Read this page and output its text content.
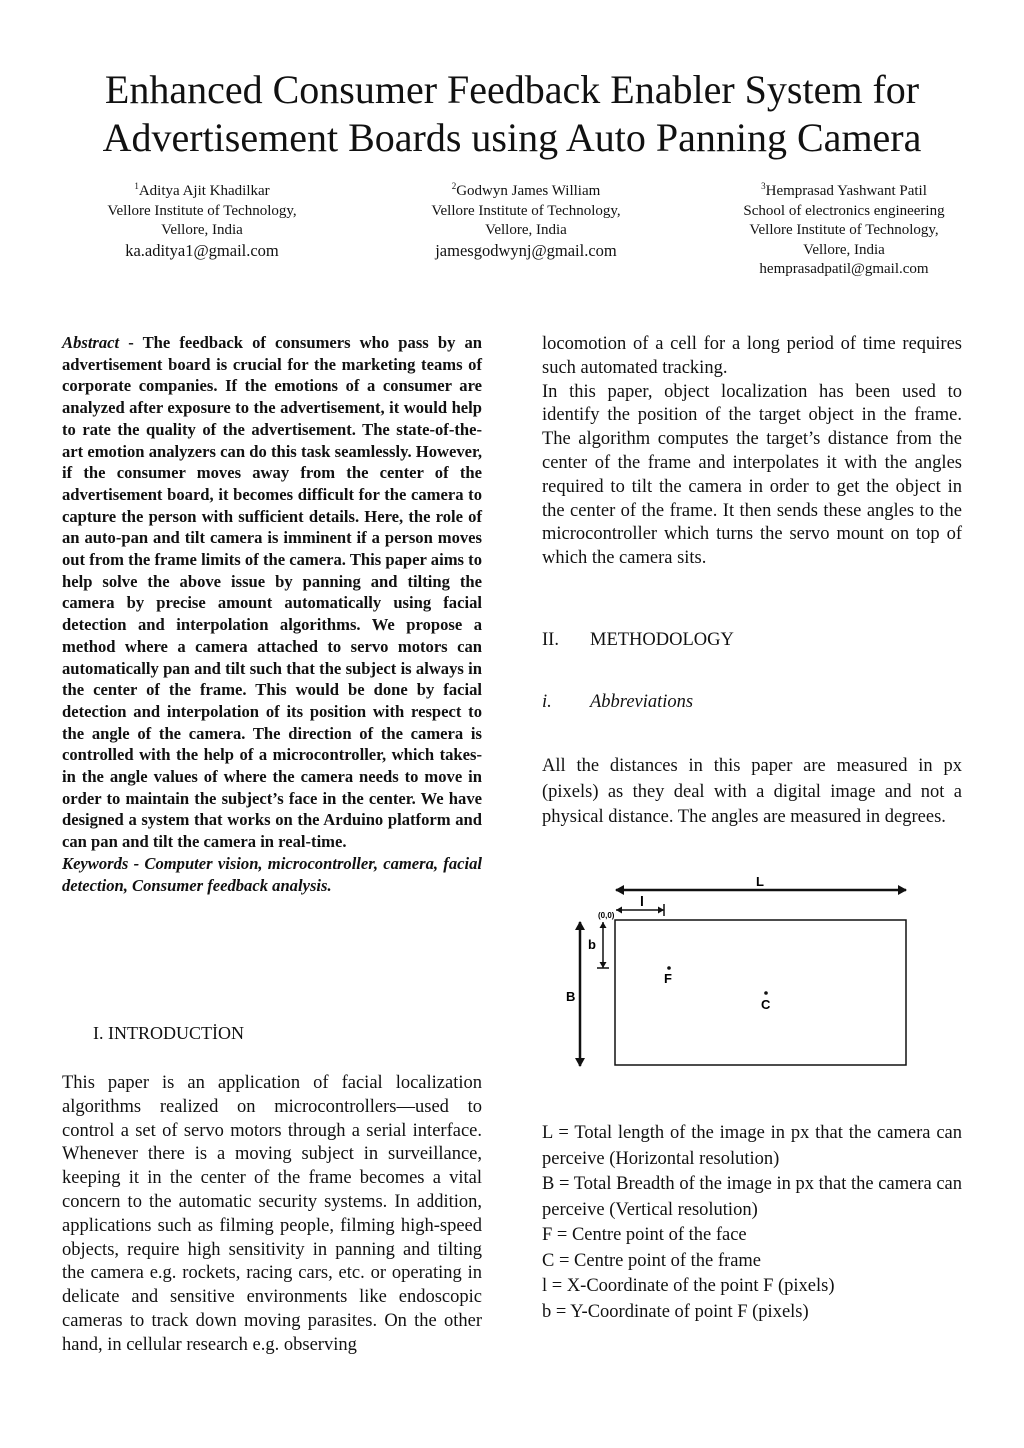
Enhanced Consumer Feedback Enabler System for
Advertisement Boards using Auto Panning Camera
$^1$Aditya Ajit Khadilkar
Vellore Institute of Technology,
Vellore, India
ka.aditya1@gmail.com
$^2$Godwyn James William
Vellore Institute of Technology,
Vellore, India
jamesgodwynj@gmail.com
$^3$Hemprasad Yashwant Patil
School of electronics engineering
Vellore Institute of Technology,
Vellore, India
hemprasadpatil@gmail.com

Abstract - The feedback of consumers who pass by an advertisement board is crucial for the marketing teams of corporate companies. If the emotions of a consumer are analyzed after exposure to the advertisement, it would help to rate the quality of the advertisement. The state-of-the-art emotion analyzers can do this task seamlessly. However, if the consumer moves away from the center of the advertisement board, it becomes difficult for the camera to capture the person with sufficient details. Here, the role of an auto-pan and tilt camera is imminent if a person moves out from the frame limits of the camera. This paper aims to help solve the above issue by panning and tilting the camera by precise amount automatically using facial detection and interpolation algorithms. We propose a method where a camera attached to servo motors can automatically pan and tilt such that the subject is always in the center of the frame. This would be done by facial detection and interpolation of its position with respect to the angle of the camera. The direction of the camera is controlled with the help of a microcontroller, which takes-in the angle values of where the camera needs to move in order to maintain the subject’s face in the center. We have designed a system that works on the Arduino platform and can pan and tilt the camera in real-time.

Keywords - Computer vision, microcontroller, camera, facial detection, Consumer feedback analysis.

I. INTRODUCTİON

This paper is an application of facial localization algorithms realized on microcontrollers—used to control a set of servo motors through a serial interface. Whenever there is a moving subject in surveillance, keeping it in the center of the frame becomes a vital concern to the automatic security systems. In addition, applications such as filming people, filming high-speed objects, require high sensitivity in panning and tilting the camera e.g. rockets, racing cars, etc. or operating in delicate and sensitive environments like endoscopic cameras to track down moving parasites. On the other hand, in cellular research e.g. observing

locomotion of a cell for a long period of time requires such automated tracking.

In this paper, object localization has been used to identify the position of the target object in the frame. The algorithm computes the target’s distance from the center of the frame and interpolates it with the angles required to tilt the camera in order to get the object in the center of the frame. It then sends these angles to the microcontroller which turns the servo mount on top of which the camera sits.

II. METHODOLOGY
i. Abbreviations

All the distances in this paper are measured in px (pixels) as they deal with a digital image and not a physical distance. The angles are measured in degrees.

L
l
(0,0)
B
b
F
C

L = Total length of the image in px that the camera can perceive (Horizontal resolution)

B = Total Breadth of the image in px that the camera can perceive (Vertical resolution)

F = Centre point of the face

C = Centre point of the frame

l = X-Coordinate of the point F (pixels)

b = Y-Coordinate of point F (pixels)
